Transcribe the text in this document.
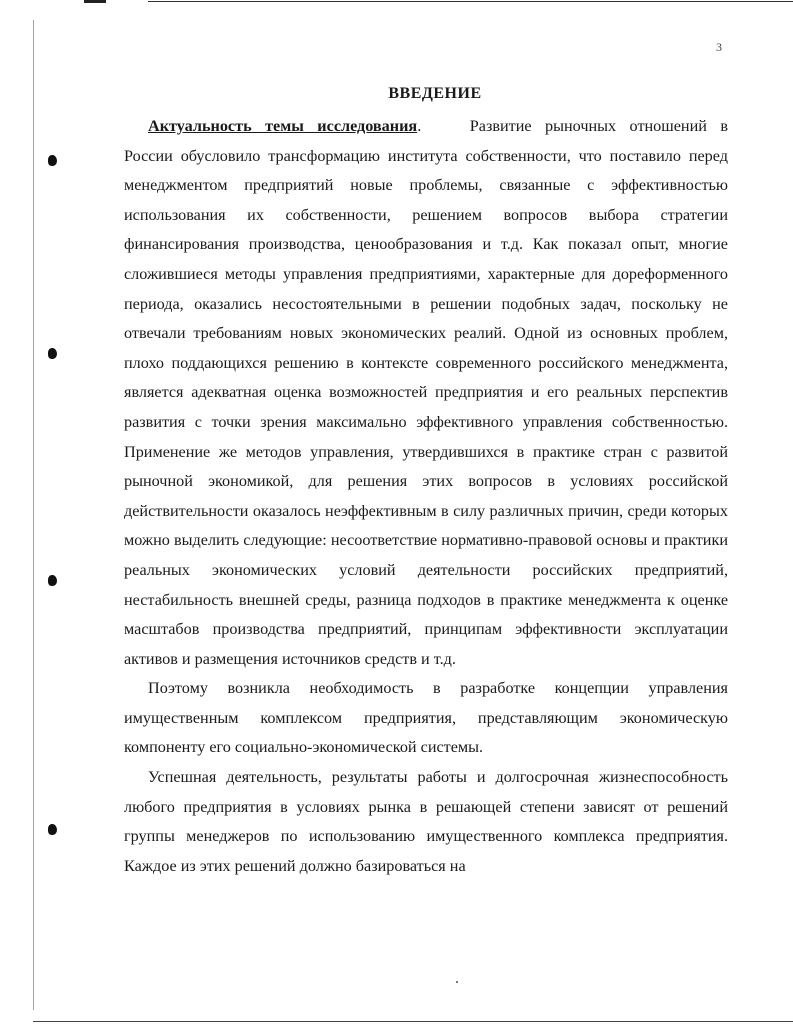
3
ВВЕДЕНИЕ

Актуальность темы исследования.   	Развитие рыночных отношений в России обусловило трансформацию института собственности, что поставило перед менеджментом предприятий новые проблемы, связанные с эффективностью использования их собственности, решением вопросов выбора стратегии финансирования производства, ценообразования и т.д. Как показал опыт, многие сложившиеся методы управления предприятиями, характерные для дореформенного периода, оказались несостоятельными в решении подобных задач, поскольку не отвечали требованиям новых экономических реалий. Одной из основных проблем, плохо поддающихся решению в контексте современного российского менеджмента, является адекватная оценка возможностей предприятия и его реальных перспектив развития с точки зрения максимально эффективного управления собственностью. Применение же методов управления, утвердившихся в практике стран с развитой рыночной экономикой, для решения этих вопросов в условиях российской действительности оказалось неэффективным в силу различных причин, среди которых можно выделить следующие: несоответствие нормативно-правовой основы и практики реальных экономических условий деятельности российских предприятий, нестабильность внешней среды, разница подходов в практике менеджмента к оценке масштабов производства предприятий, принципам эффективности эксплуатации активов и размещения источников средств и т.д.

Поэтому возникла необходимость в разработке концепции управления имущественным комплексом предприятия, представляющим экономическую компоненту его социально-экономической системы.

Успешная деятельность, результаты работы и долгосрочная жизнеспособность любого предприятия в условиях рынка в решающей степени зависят от решений группы менеджеров по использованию имущественного комплекса предприятия. Каждое из этих решений должно базироваться на
